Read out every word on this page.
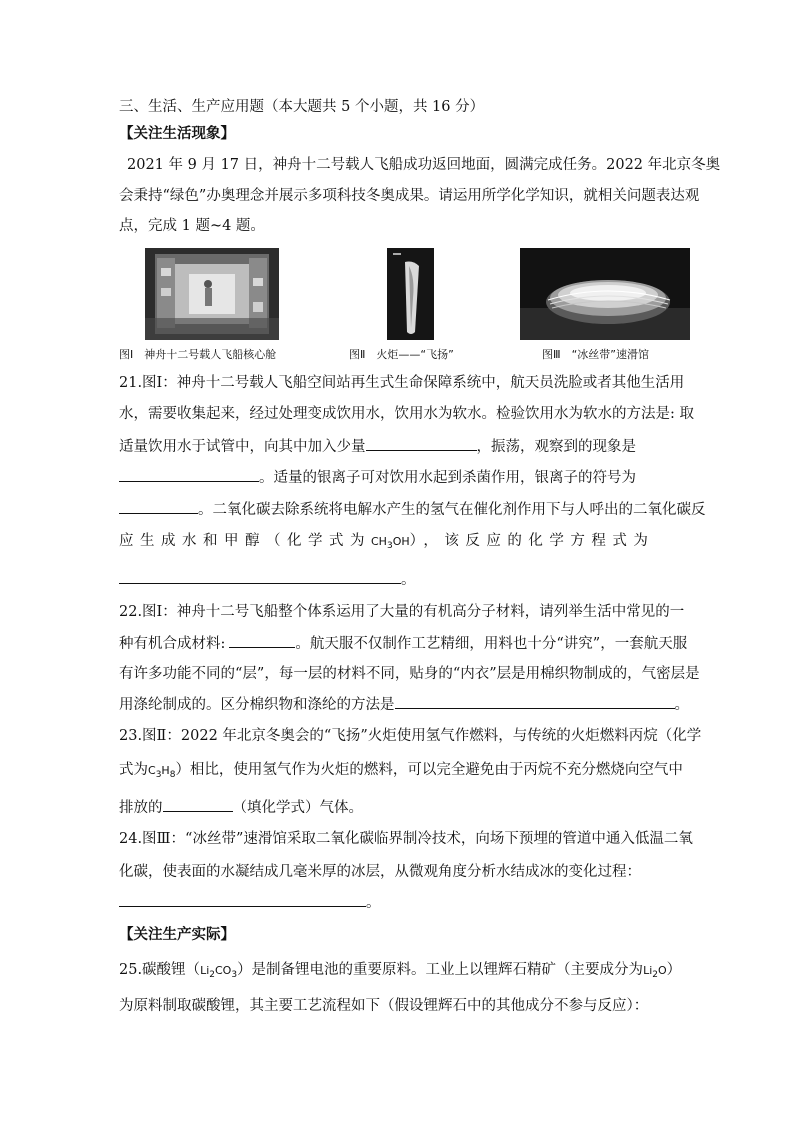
三、生活、生产应用题（本大题共 5 个小题，共 16 分）
【关注生活现象】
2021 年 9 月 17 日，神舟十二号载人飞船成功返回地面，圆满完成任务。2022 年北京冬奥
会秉持“绿色”办奥理念并展示多项科技冬奥成果。请运用所学化学知识，就相关问题表达观
点，完成 1 题~4 题。
图Ⅰ　神舟十二号载人飞船核心舱	图Ⅱ　火炬——“飞扬”	图Ⅲ　“冰丝带”速滑馆
21.图Ⅰ：神舟十二号载人飞船空间站再生式生命保障系统中，航天员洗脸或者其他生活用
水，需要收集起来，经过处理变成饮用水，饮用水为软水。检验饮用水为软水的方法是: 取
适量饮用水于试管中，向其中加入少量	，振荡，观察到的现象是
。适量的银离子可对饮用水起到杀菌作用，银离子的符号为
。二氧化碳去除系统将电解水产生的氢气在催化剂作用下与人呼出的二氧化碳反
应生成水和甲醇（化学式为$CH_3OH$），该反应的化学方程式为
。
22.图Ⅰ：神舟十二号飞船整个体系运用了大量的有机高分子材料，请列举生活中常见的一
种有机合成材料:	。航天服不仅制作工艺精细，用料也十分“讲究”，一套航天服
有许多功能不同的“层”，每一层的材料不同，贴身的“内衣”层是用棉织物制成的，气密层是
用涤纶制成的。区分棉织物和涤纶的方法是	。
23.图Ⅱ：2022 年北京冬奥会的“飞扬”火炬使用氢气作燃料，与传统的火炬燃料丙烷（化学
式为$C_3H_8$）相比，使用氢气作为火炬的燃料，可以完全避免由于丙烷不充分燃烧向空气中
排放的	（填化学式）气体。
24.图Ⅲ：“冰丝带”速滑馆采取二氧化碳临界制冷技术，向场下预埋的管道中通入低温二氧
化碳，使表面的水凝结成几毫米厚的冰层，从微观角度分析水结成冰的变化过程：
。
【关注生产实际】
25.碳酸锂$(Li_2CO_3)$是制备锂电池的重要原料。工业上以锂辉石精矿（主要成分为$Li_2O$）
为原料制取碳酸锂，其主要工艺流程如下（假设锂辉石中的其他成分不参与反应）：
